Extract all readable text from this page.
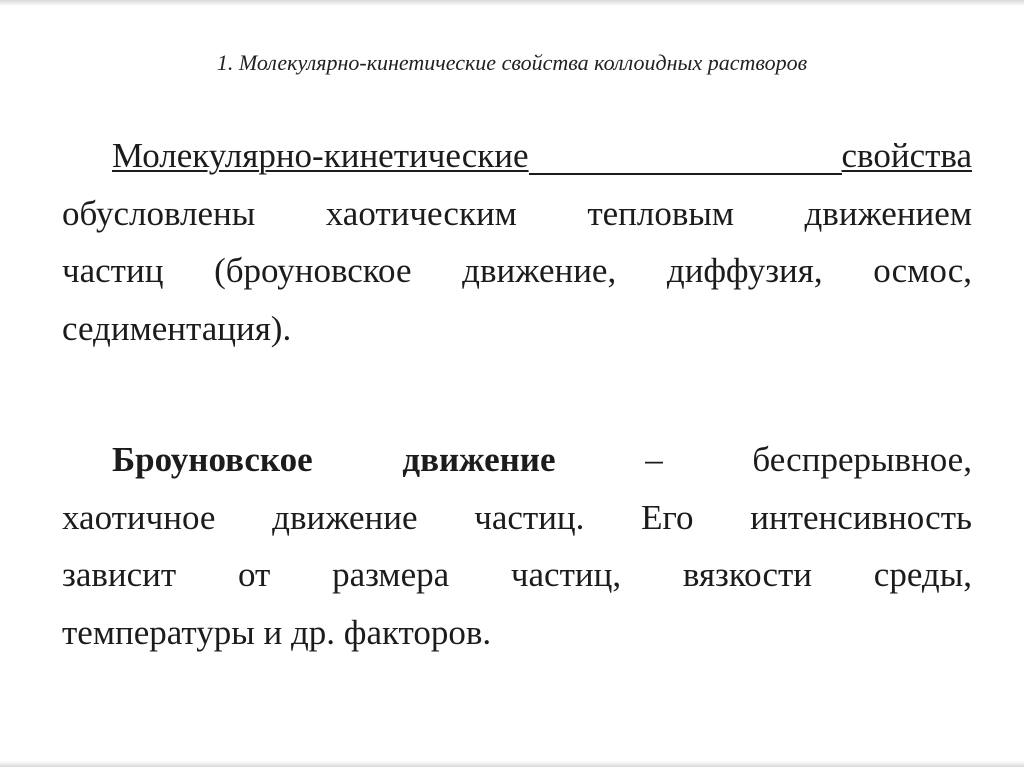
1. Молекулярно-кинетические свойства коллоидных растворов
Молекулярно-кинетические	свойства
обусловлены хаотическим тепловым движением
частиц (броуновское движение, диффузия, осмос,
седиментация).
Броуновское	движение	–	беспрерывное,
хаотичное движение частиц. Его интенсивность
зависит от размера частиц, вязкости среды,
температуры и др. факторов.
